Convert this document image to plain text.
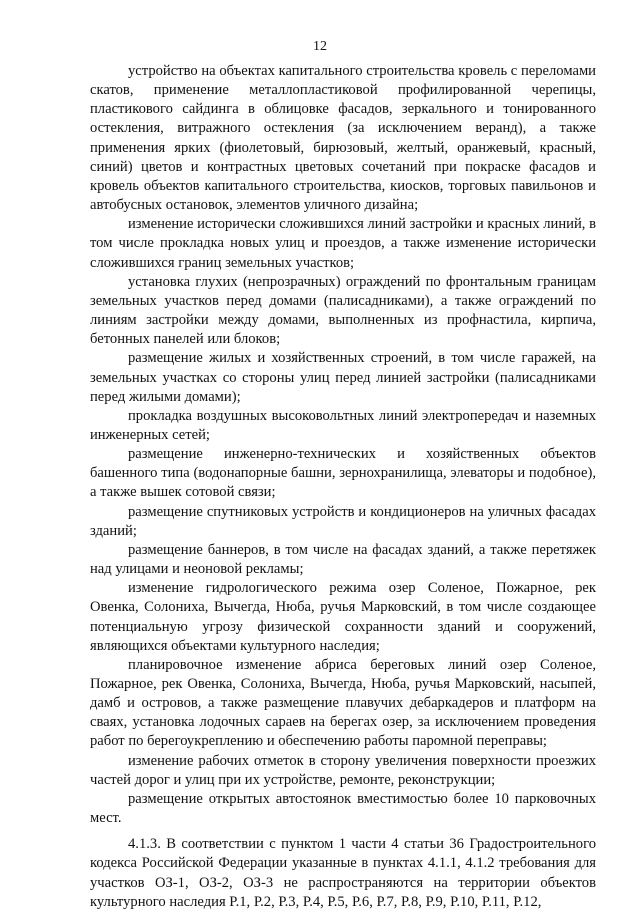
12

устройство на объектах капитального строительства кровель с переломами скатов, применение металлопластиковой профилированной черепицы, пластикового сайдинга в облицовке фасадов, зеркального и тонированного остекления, витражного остекления (за исключением веранд), а также применения ярких (фиолетовый, бирюзовый, желтый, оранжевый, красный, синий) цветов и контрастных цветовых сочетаний при покраске фасадов и кровель объектов капитального строительства, киосков, торговых павильонов и автобусных остановок, элементов уличного дизайна;

изменение исторически сложившихся линий застройки и красных линий, в том числе прокладка новых улиц и проездов, а также изменение исторически сложившихся границ земельных участков;

установка глухих (непрозрачных) ограждений по фронтальным границам земельных участков перед домами (палисадниками), а также ограждений по линиям застройки между домами, выполненных из профнастила, кирпича, бетонных панелей или блоков;

размещение жилых и хозяйственных строений, в том числе гаражей, на земельных участках со стороны улиц перед линией застройки (палисадниками перед жилыми домами);

прокладка воздушных высоковольтных линий электропередач и наземных инженерных сетей;

размещение инженерно-технических и хозяйственных объектов башенного типа (водонапорные башни, зернохранилища, элеваторы и подобное), а также вышек сотовой связи;

размещение спутниковых устройств и кондиционеров на уличных фасадах зданий;

размещение баннеров, в том числе на фасадах зданий, а также перетяжек над улицами и неоновой рекламы;

изменение гидрологического режима озер Соленое, Пожарное, рек Овенка, Солониха, Вычегда, Нюба, ручья Марковский, в том числе создающее потенциальную угрозу физической сохранности зданий и сооружений, являющихся объектами культурного наследия;

планировочное изменение абриса береговых линий озер Соленое, Пожарное, рек Овенка, Солониха, Вычегда, Нюба, ручья Марковский, насыпей, дамб и островов, а также размещение плавучих дебаркадеров и платформ на сваях, установка лодочных сараев на берегах озер, за исключением проведения работ по берегоукреплению и обеспечению работы паромной переправы;

изменение рабочих отметок в сторону увеличения поверхности проезжих частей дорог и улиц при их устройстве, ремонте, реконструкции;

размещение открытых автостоянок вместимостью более 10 парковочных мест.

4.1.3. В соответствии с пунктом 1 части 4 статьи 36 Градостроительного кодекса Российской Федерации указанные в пунктах 4.1.1, 4.1.2 требования для участков ОЗ-1, ОЗ-2, ОЗ-3 не распространяются на территории объектов культурного наследия Р.1, Р.2, Р.3, Р.4, Р.5, Р.6, Р.7, Р.8, Р.9, Р.10, Р.11, Р.12,
